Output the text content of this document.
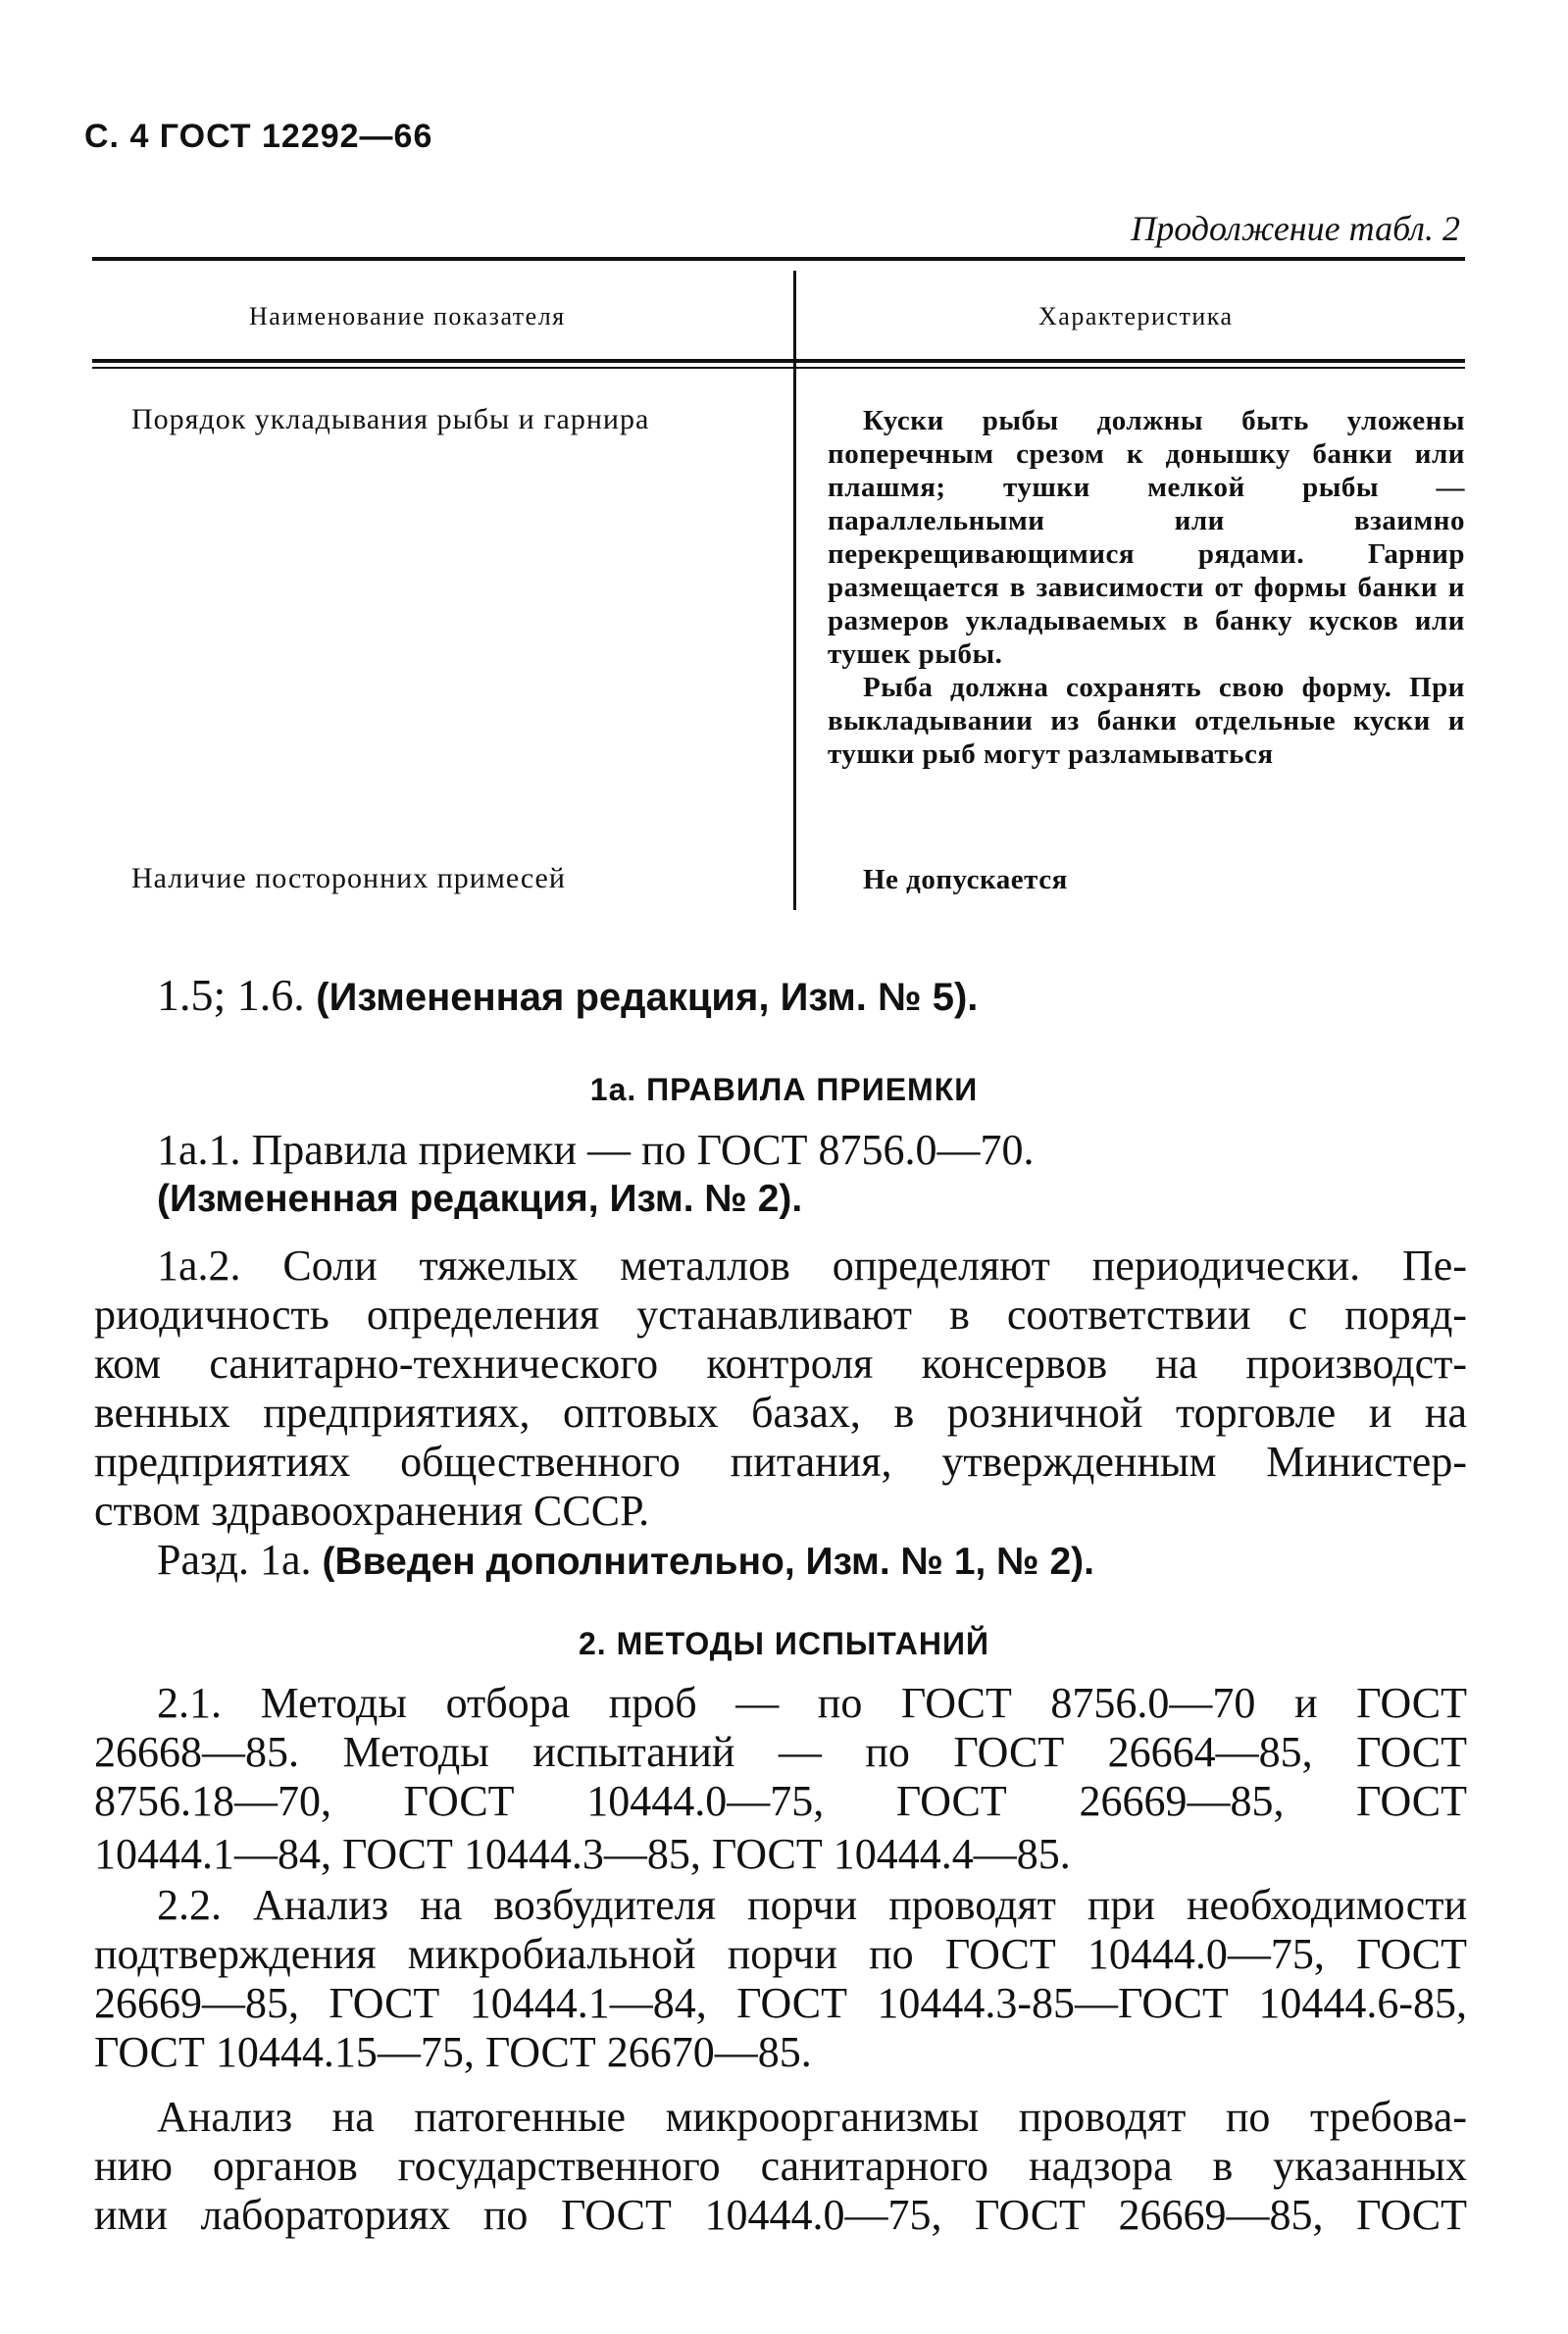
С. 4 ГОСТ 12292—66
Продолжение табл. 2
Наименование показателя	Характеристика
Порядок укладывания рыбы и гарнира	Куски рыбы должны быть уложены поперечным срезом к донышку банки или плашмя; тушки мелкой рыбы — параллельными или взаимно перекрещивающимися рядами. Гарнир размещается в зависимости от формы банки и размеров укладываемых в банку кусков или тушек рыбы.

Рыба должна сохранять свою форму. При выкладывании из банки отдельные куски и тушки рыб могут разламываться

Наличие посторонних примесей	Не допускается
1.5; 1.6. (Измененная редакция, Изм. № 5).
1а. ПРАВИЛА ПРИЕМКИ
1а.1. Правила приемки — по ГОСТ 8756.0—70.
(Измененная редакция, Изм. № 2).
1а.2. Соли тяжелых металлов определяют периодически. Пе-
риодичность определения устанавливают в соответствии с поряд-
ком санитарно-технического контроля консервов на производст-
венных предприятиях, оптовых базах, в розничной торговле и на
предприятиях общественного питания, утвержденным Министер-
ством здравоохранения СССР.
Разд. 1а. (Введен дополнительно, Изм. № 1, № 2).
2. МЕТОДЫ ИСПЫТАНИЙ
2.1. Методы отбора проб — по ГОСТ 8756.0—70 и ГОСТ
26668—85. Методы испытаний — по ГОСТ 26664—85, ГОСТ
8756.18—70, ГОСТ 10444.0—75, ГОСТ 26669—85, ГОСТ
10444.1—84, ГОСТ 10444.3—85, ГОСТ 10444.4—85.
2.2. Анализ на возбудителя порчи проводят при необходимости
подтверждения микробиальной порчи по ГОСТ 10444.0—75, ГОСТ
26669—85, ГОСТ 10444.1—84, ГОСТ 10444.3-85—ГОСТ 10444.6-85,
ГОСТ 10444.15—75, ГОСТ 26670—85.
Анализ на патогенные микроорганизмы проводят по требова-
нию органов государственного санитарного надзора в указанных
ими лабораториях по ГОСТ 10444.0—75, ГОСТ 26669—85, ГОСТ
